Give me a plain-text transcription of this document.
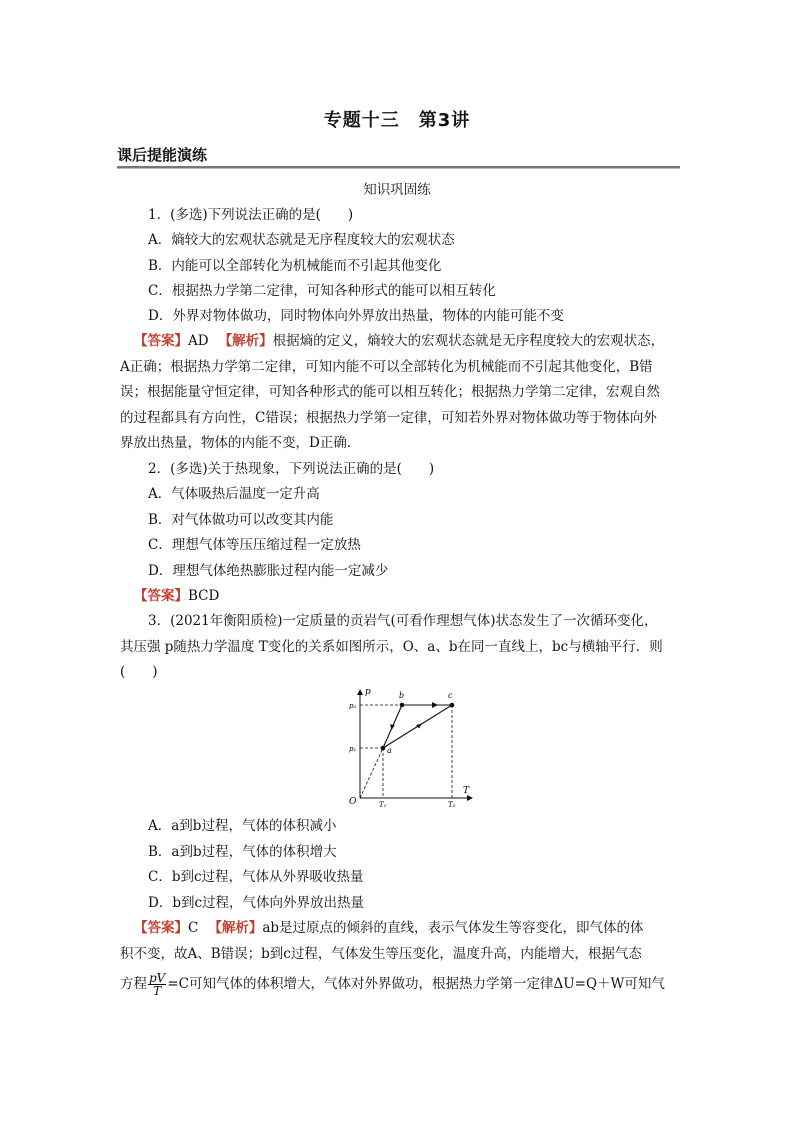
专题十三　第3讲
课后提能演练
知识巩固练
1．(多选)下列说法正确的是(　　)
A．熵较大的宏观状态就是无序程度较大的宏观状态
B．内能可以全部转化为机械能而不引起其他变化
C．根据热力学第二定律，可知各种形式的能可以相互转化
D．外界对物体做功，同时物体向外界放出热量，物体的内能可能不变
【答案】AD 【解析】根据熵的定义，熵较大的宏观状态就是无序程度较大的宏观状态，
A正确；根据热力学第二定律，可知内能不可以全部转化为机械能而不引起其他变化，B错
误；根据能量守恒定律，可知各种形式的能可以相互转化；根据热力学第二定律，宏观自然
的过程都具有方向性，C错误；根据热力学第一定律，可知若外界对物体做功等于物体向外
界放出热量，物体的内能不变，D正确．
2．(多选)关于热现象，下列说法正确的是(　　)
A．气体吸热后温度一定升高
B．对气体做功可以改变其内能
C．理想气体等压压缩过程一定放热
D．理想气体绝热膨胀过程内能一定减少
【答案】BCD
3．(2021年衡阳质检)一定质量的贡岩气(可看作理想气体)状态发生了一次循环变化，
其压强 p随热力学温度 T变化的关系如图所示，O、a、b在同一直线上，bc与横轴平行．则
(　　)
p
T
O
a
b	c
p₂
p₁
T₁	T₂
A．a到b过程，气体的体积减小
B．a到b过程，气体的体积增大
C．b到c过程，气体从外界吸收热量
D．b到c过程，气体向外界放出热量
【答案】C 【解析】ab是过原点的倾斜的直线，表示气体发生等容变化，即气体的体
积不变，故A、B错误；b到c过程，气体发生等压变化，温度升高，内能增大，根据气态
方程 $\frac{pV}{T} =C$可知气体的体积增大，气体对外界做功，根据热力学第一定律ΔU=Q＋W可知气
